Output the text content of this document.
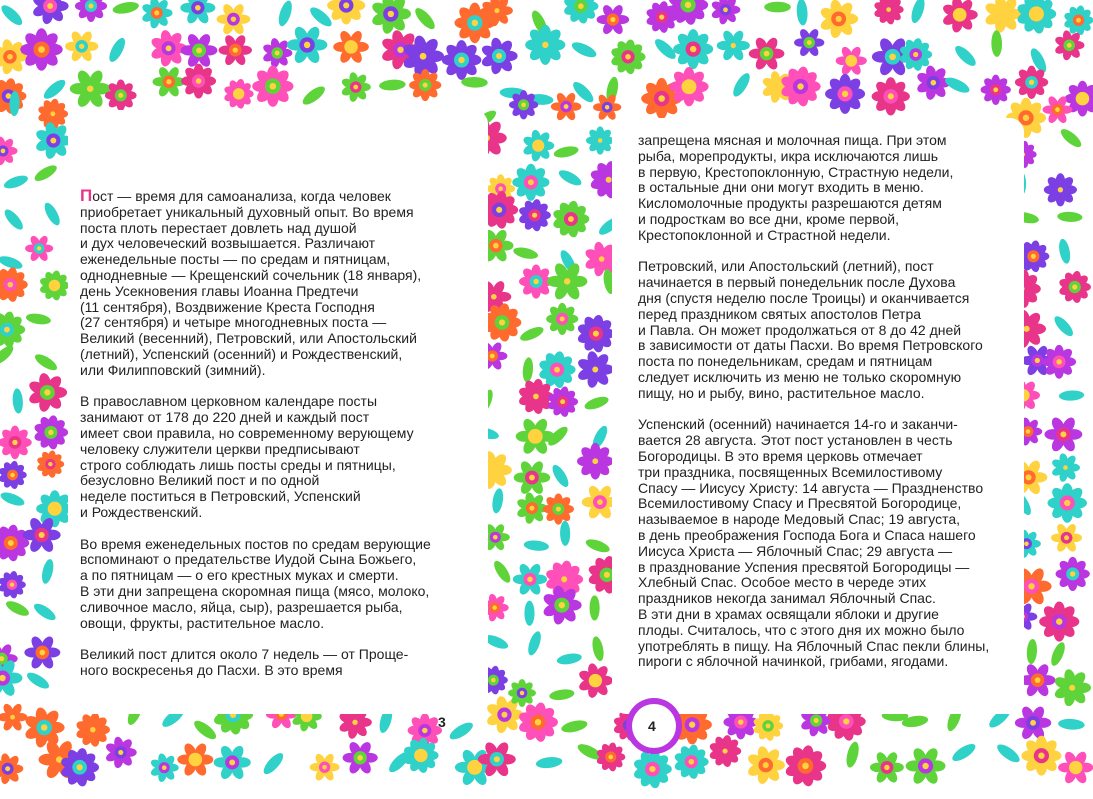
Пост — время для самоанализа, когда человек
приобретает уникальный духовный опыт. Во время
поста плоть перестает довлеть над душой
и дух человеческий возвышается. Различают
еженедельные посты — по средам и пятницам,
однодневные — Крещенский сочельник (18 января),
день Усекновения главы Иоанна Предтечи
(11 сентября), Воздвижение Креста Господня
(27 сентября) и четыре многодневных поста —
Великий (весенний), Петровский, или Апостольский
(летний), Успенский (осенний) и Рождественский,
или Филипповский (зимний).

В православном церковном календаре посты
занимают от 178 до 220 дней и каждый пост
имеет свои правила, но современному верующему
человеку служители церкви предписывают
строго соблюдать лишь посты среды и пятницы,
безусловно Великий пост и по одной
неделе поститься в Петровский, Успенский
и Рождественский.

Во время еженедельных постов по средам верующие
вспоминают о предательстве Иудой Сына Божьего,
а по пятницам — о его крестных муках и смерти.
В эти дни запрещена скоромная пища (мясо, молоко,
сливочное масло, яйца, сыр), разрешается рыба,
овощи, фрукты, растительное масло.

Великий пост длится около 7 недель — от Проще-
ного воскресенья до Пасхи. В это время

запрещена мясная и молочная пища. При этом
рыба, морепродукты, икра исключаются лишь
в первую, Крестопоклонную, Страстную недели,
в остальные дни они могут входить в меню.
Кисломолочные продукты разрешаются детям
и подросткам во все дни, кроме первой,
Крестопоклонной и Страстной недели.

Петровский, или Апостольский (летний), пост
начинается в первый понедельник после Духова
дня (спустя неделю после Троицы) и оканчивается
перед праздником святых апостолов Петра
и Павла. Он может продолжаться от 8 до 42 дней
в зависимости от даты Пасхи. Во время Петровского
поста по понедельникам, средам и пятницам
следует исключить из меню не только скоромную
пищу, но и рыбу, вино, растительное масло.

Успенский (осенний) начинается 14-го и заканчи-
вается 28 августа. Этот пост установлен в честь
Богородицы. В это время церковь отмечает
три праздника, посвященных Всемилостивому
Спасу — Иисусу Христу: 14 августа — Праздненство
Всемилостивому Спасу и Пресвятой Богородице,
называемое в народе Медовый Спас; 19 августа,
в день преображения Господа Бога и Спаса нашего
Иисуса Христа — Яблочный Спас; 29 августа —
в празднование Успения пресвятой Богородицы —
Хлебный Спас. Особое место в череде этих
праздников некогда занимал Яблочный Спас.
В эти дни в храмах освящали яблоки и другие
плоды. Считалось, что с этого дня их можно было
употреблять в пищу. На Яблочный Спас пекли блины,
пироги с яблочной начинкой, грибами, ягодами.

3	4
ozon.ru
